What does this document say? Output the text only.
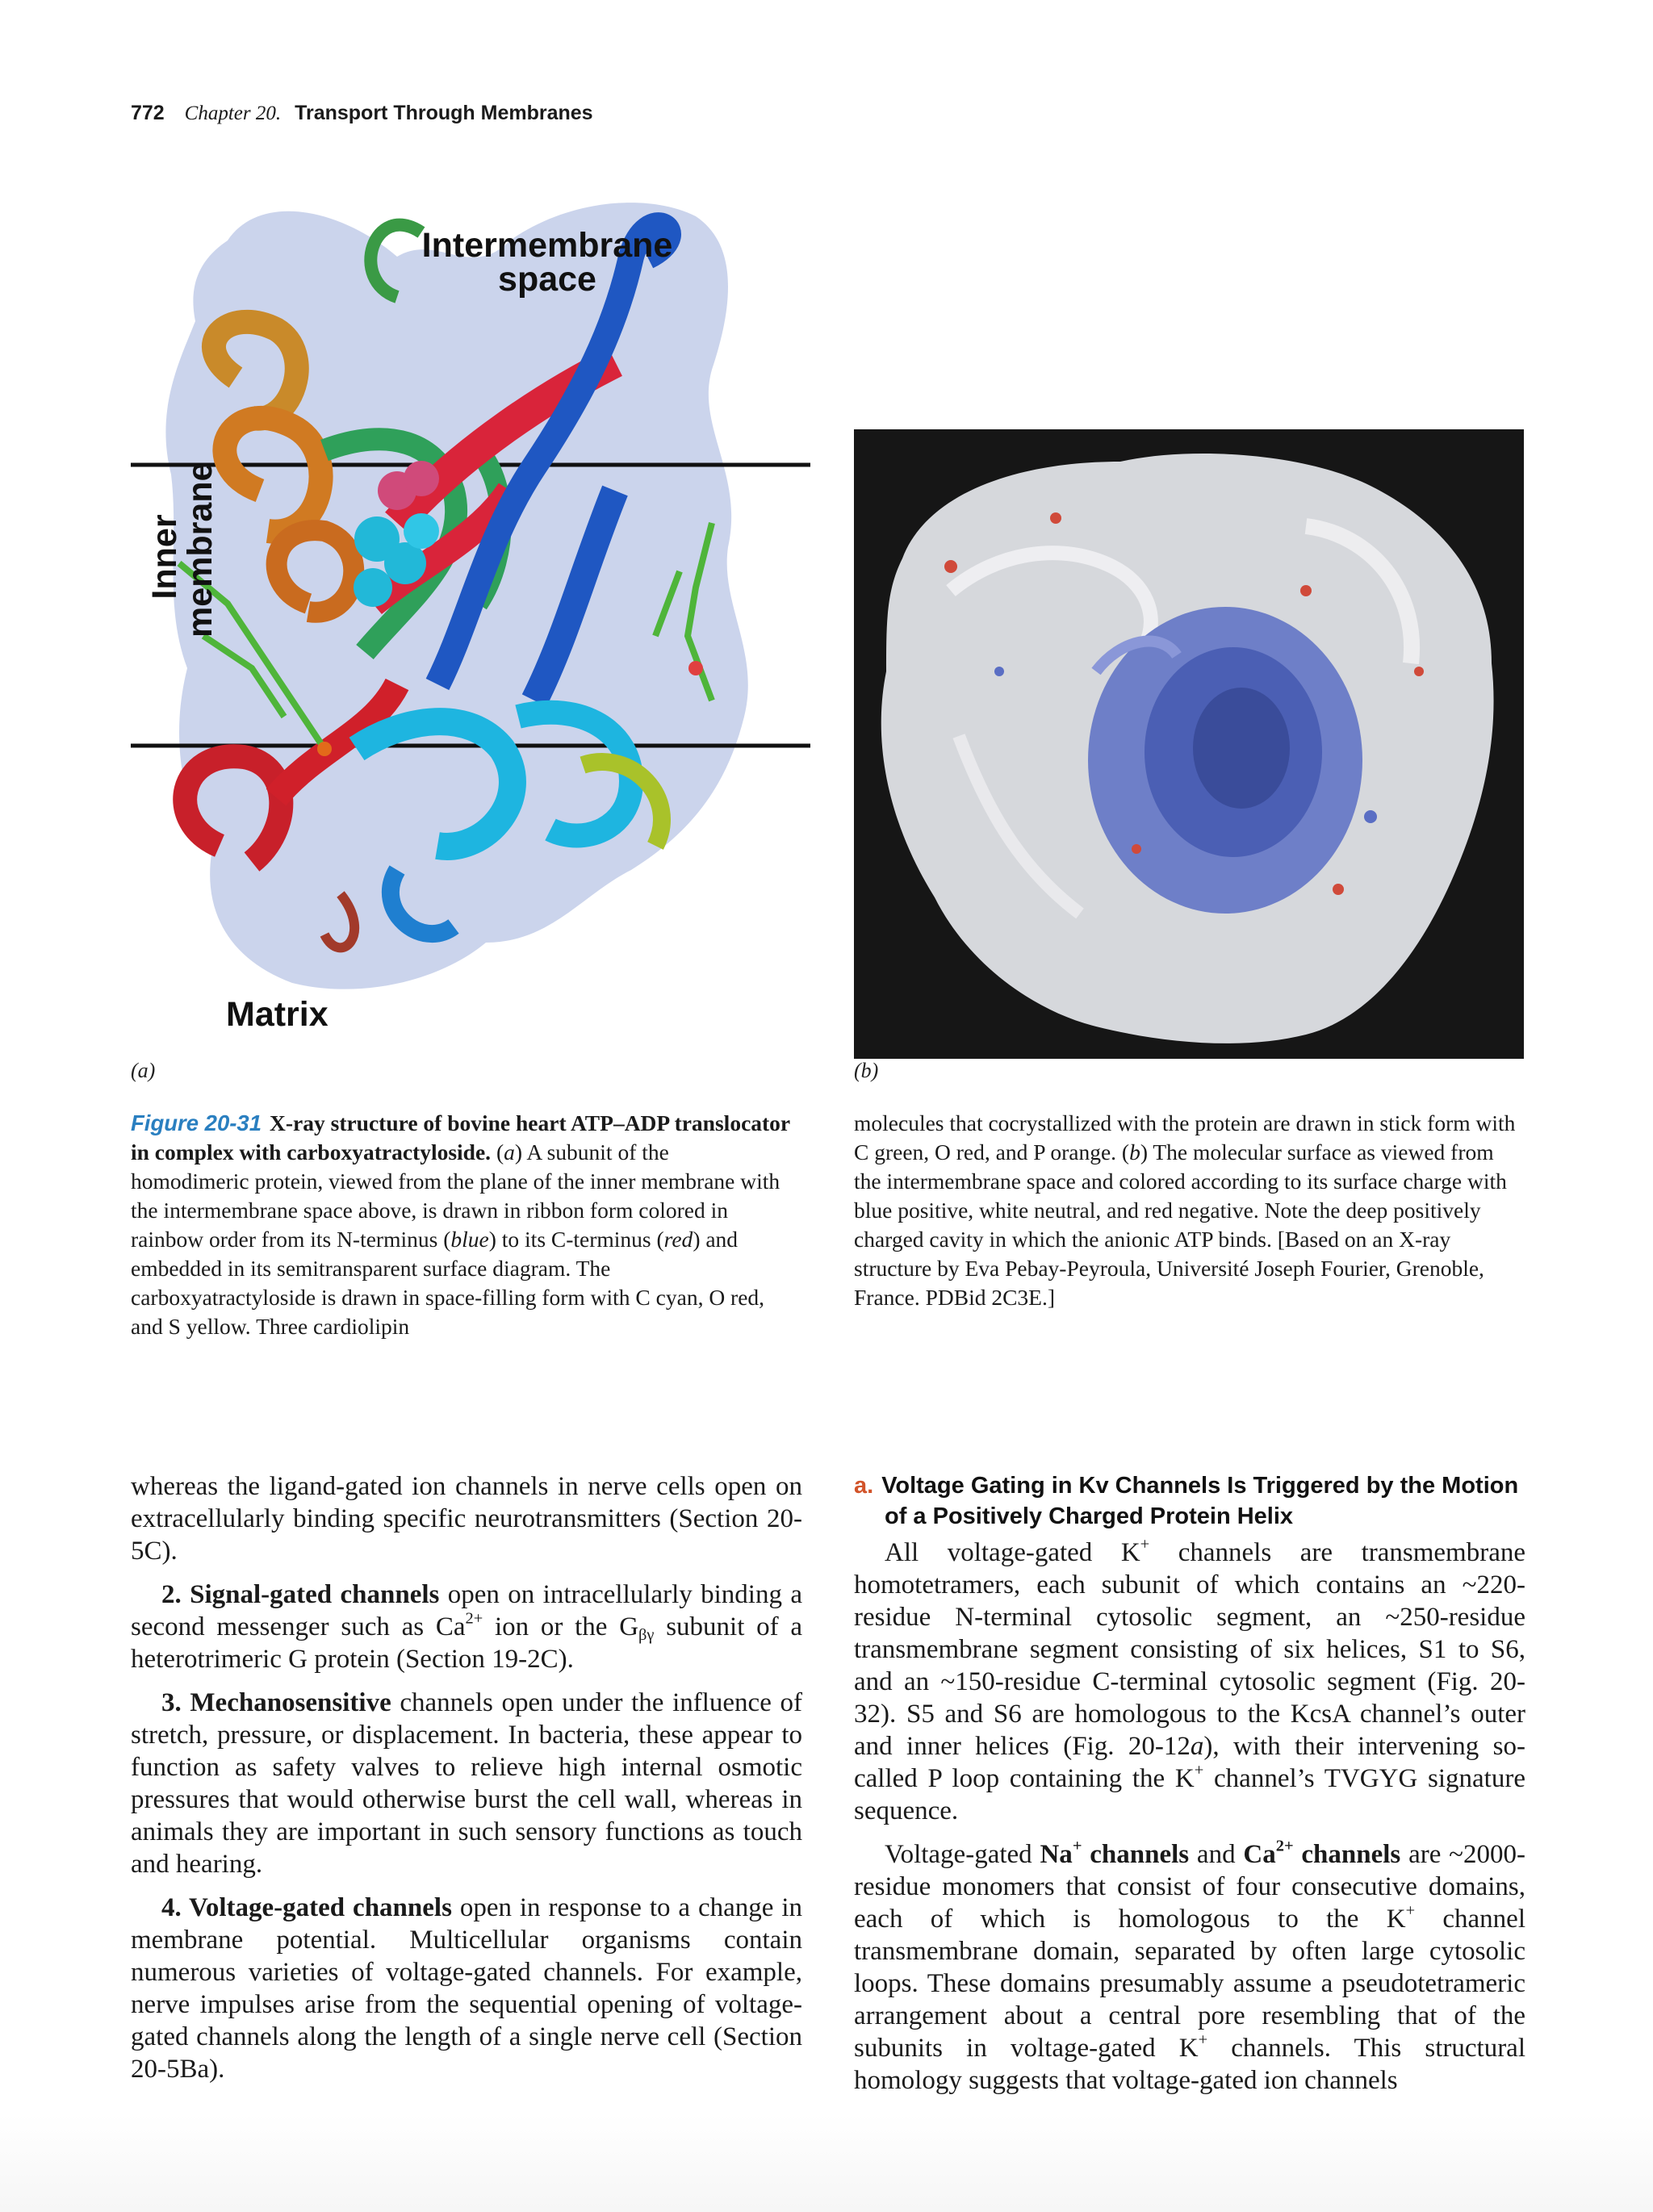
772 Chapter 20. Transport Through Membranes
(a)
Intermembrane
space
Inner
membrane
Matrix
(b)
Figure 20-31 X-ray structure of bovine heart ATP–ADP translocator in complex with carboxyatractyloside. (a) A subunit of the homodimeric protein, viewed from the plane of the inner membrane with the intermembrane space above, is drawn in ribbon form colored in rainbow order from its N-terminus (blue) to its C-terminus (red) and embedded in its semitransparent surface diagram. The carboxyatractyloside is drawn in space-filling form with C cyan, O red, and S yellow. Three cardiolipin
molecules that cocrystallized with the protein are drawn in stick form with C green, O red, and P orange. (b) The molecular surface as viewed from the intermembrane space and colored according to its surface charge with blue positive, white neutral, and red negative. Note the deep positively charged cavity in which the anionic ATP binds. [Based on an X-ray structure by Eva Pebay-Peyroula, Université Joseph Fourier, Grenoble, France. PDBid 2C3E.]

whereas the ligand-gated ion channels in nerve cells open on extracellularly binding specific neurotransmitters (Section 20-5C).

2. Signal-gated channels open on intracellularly binding a second messenger such as $Ca^{2+}$ ion or the $G_{\beta\gamma}$ subunit of a heterotrimeric G protein (Section 19-2C).

3. Mechanosensitive channels open under the influence of stretch, pressure, or displacement. In bacteria, these appear to function as safety valves to relieve high internal osmotic pressures that would otherwise burst the cell wall, whereas in animals they are important in such sensory functions as touch and hearing.

4. Voltage-gated channels open in response to a change in membrane potential. Multicellular organisms contain numerous varieties of voltage-gated channels. For example, nerve impulses arise from the sequential opening of voltage-gated channels along the length of a single nerve cell (Section 20-5Ba).

a. Voltage Gating in Kv Channels Is Triggered by the Motion of a Positively Charged Protein Helix

All voltage-gated K+ channels are transmembrane homotetramers, each subunit of which contains an ~220-residue N-terminal cytosolic segment, an ~250-residue transmembrane segment consisting of six helices, S1 to S6, and an ~150-residue C-terminal cytosolic segment (Fig. 20-32). S5 and S6 are homologous to the KcsA channel’s outer and inner helices (Fig. 20-12a), with their intervening so-called P loop containing the K+ channel’s TVGYG signature sequence.

Voltage-gated Na+ channels and $Ca^{2+}$ channels are ~2000-residue monomers that consist of four consecutive domains, each of which is homologous to the K+ channel transmembrane domain, separated by often large cytosolic loops. These domains presumably assume a pseudotetrameric arrangement about a central pore resembling that of the subunits in voltage-gated K+ channels. This structural homology suggests that voltage-gated ion channels
